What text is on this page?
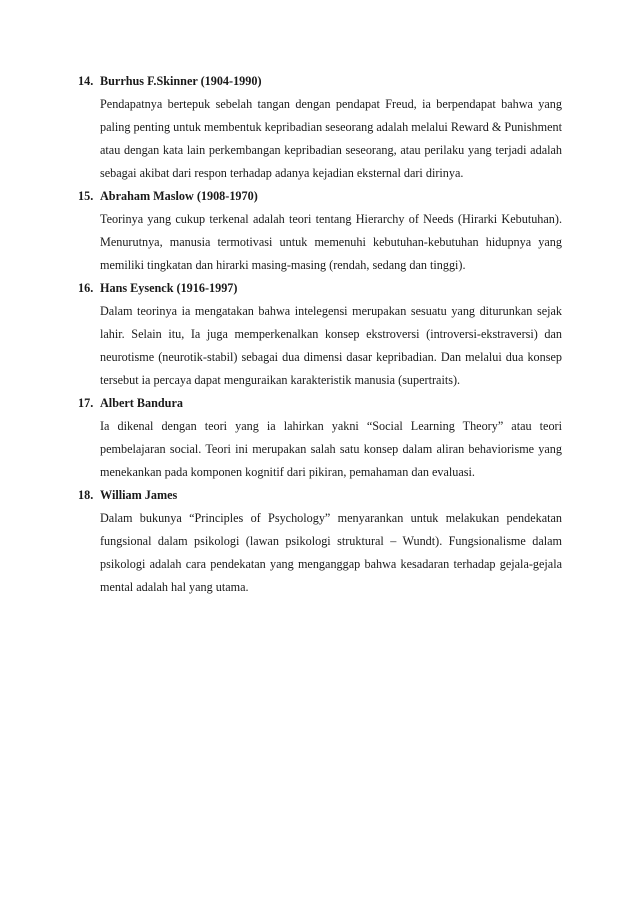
14. Burrhus F.Skinner (1904-1990)

Pendapatnya bertepuk sebelah tangan dengan pendapat Freud, ia berpendapat bahwa yang paling penting untuk membentuk kepribadian seseorang adalah melalui Reward & Punishment atau dengan kata lain perkembangan kepribadian seseorang, atau perilaku yang terjadi adalah sebagai akibat dari respon terhadap adanya kejadian eksternal dari dirinya.

15. Abraham Maslow (1908-1970)

Teorinya yang cukup terkenal adalah teori tentang Hierarchy of Needs (Hirarki Kebutuhan). Menurutnya, manusia termotivasi untuk memenuhi kebutuhan-kebutuhan hidupnya yang memiliki tingkatan dan hirarki masing-masing (rendah, sedang dan tinggi).

16. Hans Eysenck (1916-1997)

Dalam teorinya ia mengatakan bahwa intelegensi merupakan sesuatu yang diturunkan sejak lahir. Selain itu, Ia juga memperkenalkan konsep ekstroversi (introversi-ekstraversi) dan neurotisme (neurotik-stabil) sebagai dua dimensi dasar kepribadian. Dan melalui dua konsep tersebut ia percaya dapat menguraikan karakteristik manusia (supertraits).

17. Albert Bandura

Ia dikenal dengan teori yang ia lahirkan yakni “Social Learning Theory” atau teori pembelajaran social. Teori ini merupakan salah satu konsep dalam aliran behaviorisme yang menekankan pada komponen kognitif dari pikiran, pemahaman dan evaluasi.

18. William James

Dalam bukunya “Principles of Psychology” menyarankan untuk melakukan pendekatan fungsional dalam psikologi (lawan psikologi struktural – Wundt). Fungsionalisme dalam psikologi adalah cara pendekatan yang menganggap bahwa kesadaran terhadap gejala-gejala mental adalah hal yang utama.
